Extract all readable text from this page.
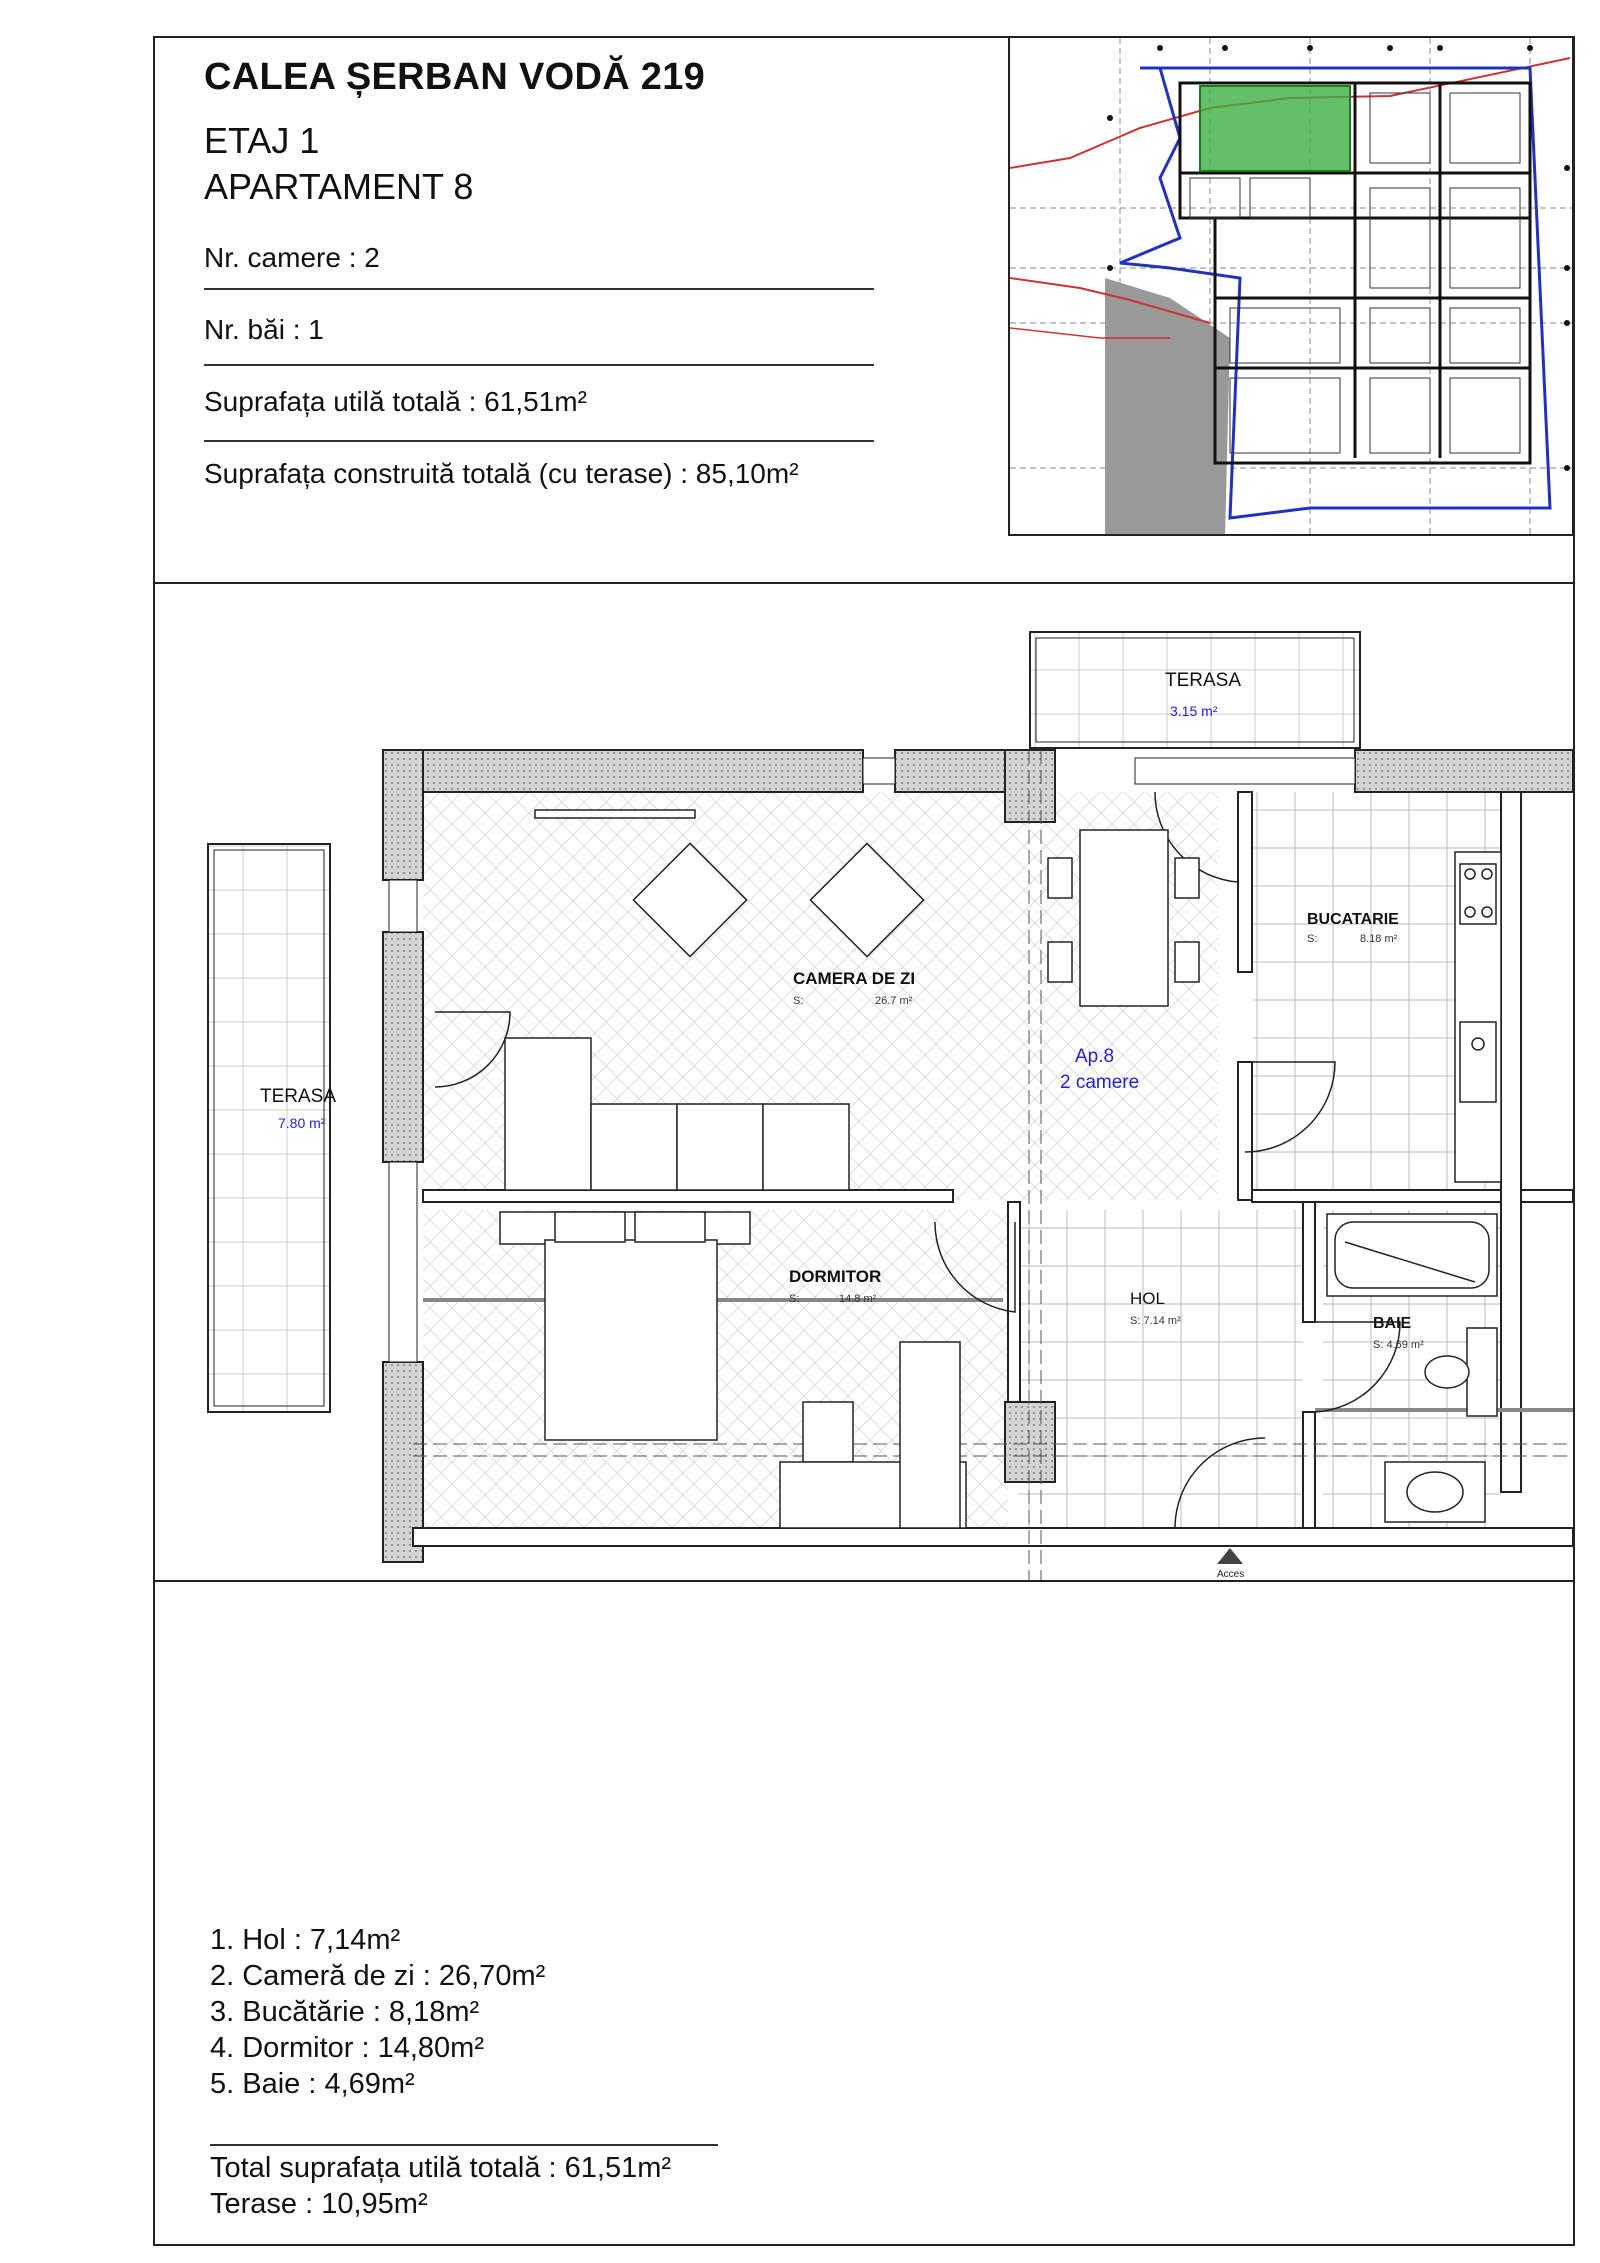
CALEA ȘERBAN VODĂ 219
ETAJ 1
APARTAMENT 8
Nr. camere : 2
Nr. băi : 1
Suprafața utilă totală : 61,51m²
Suprafața construită totală (cu terase) : 85,10m²
Acces
TERASA
3.15 m²
TERASA
7.80 m²
CAMERA DE ZI
S:	26.7 m²
Ap.8
2 camere
BUCATARIE
S:	8.18 m²
DORMITOR
S:	14.8 m²	HOL
S: 7.14 m²	BAIE
S: 4.69 m²
1. Hol : 7,14m²
2. Cameră de zi : 26,70m²
3. Bucătărie : 8,18m²
4. Dormitor : 14,80m²
5. Baie : 4,69m²
Total suprafața utilă totală : 61,51m²
Terase : 10,95m²
